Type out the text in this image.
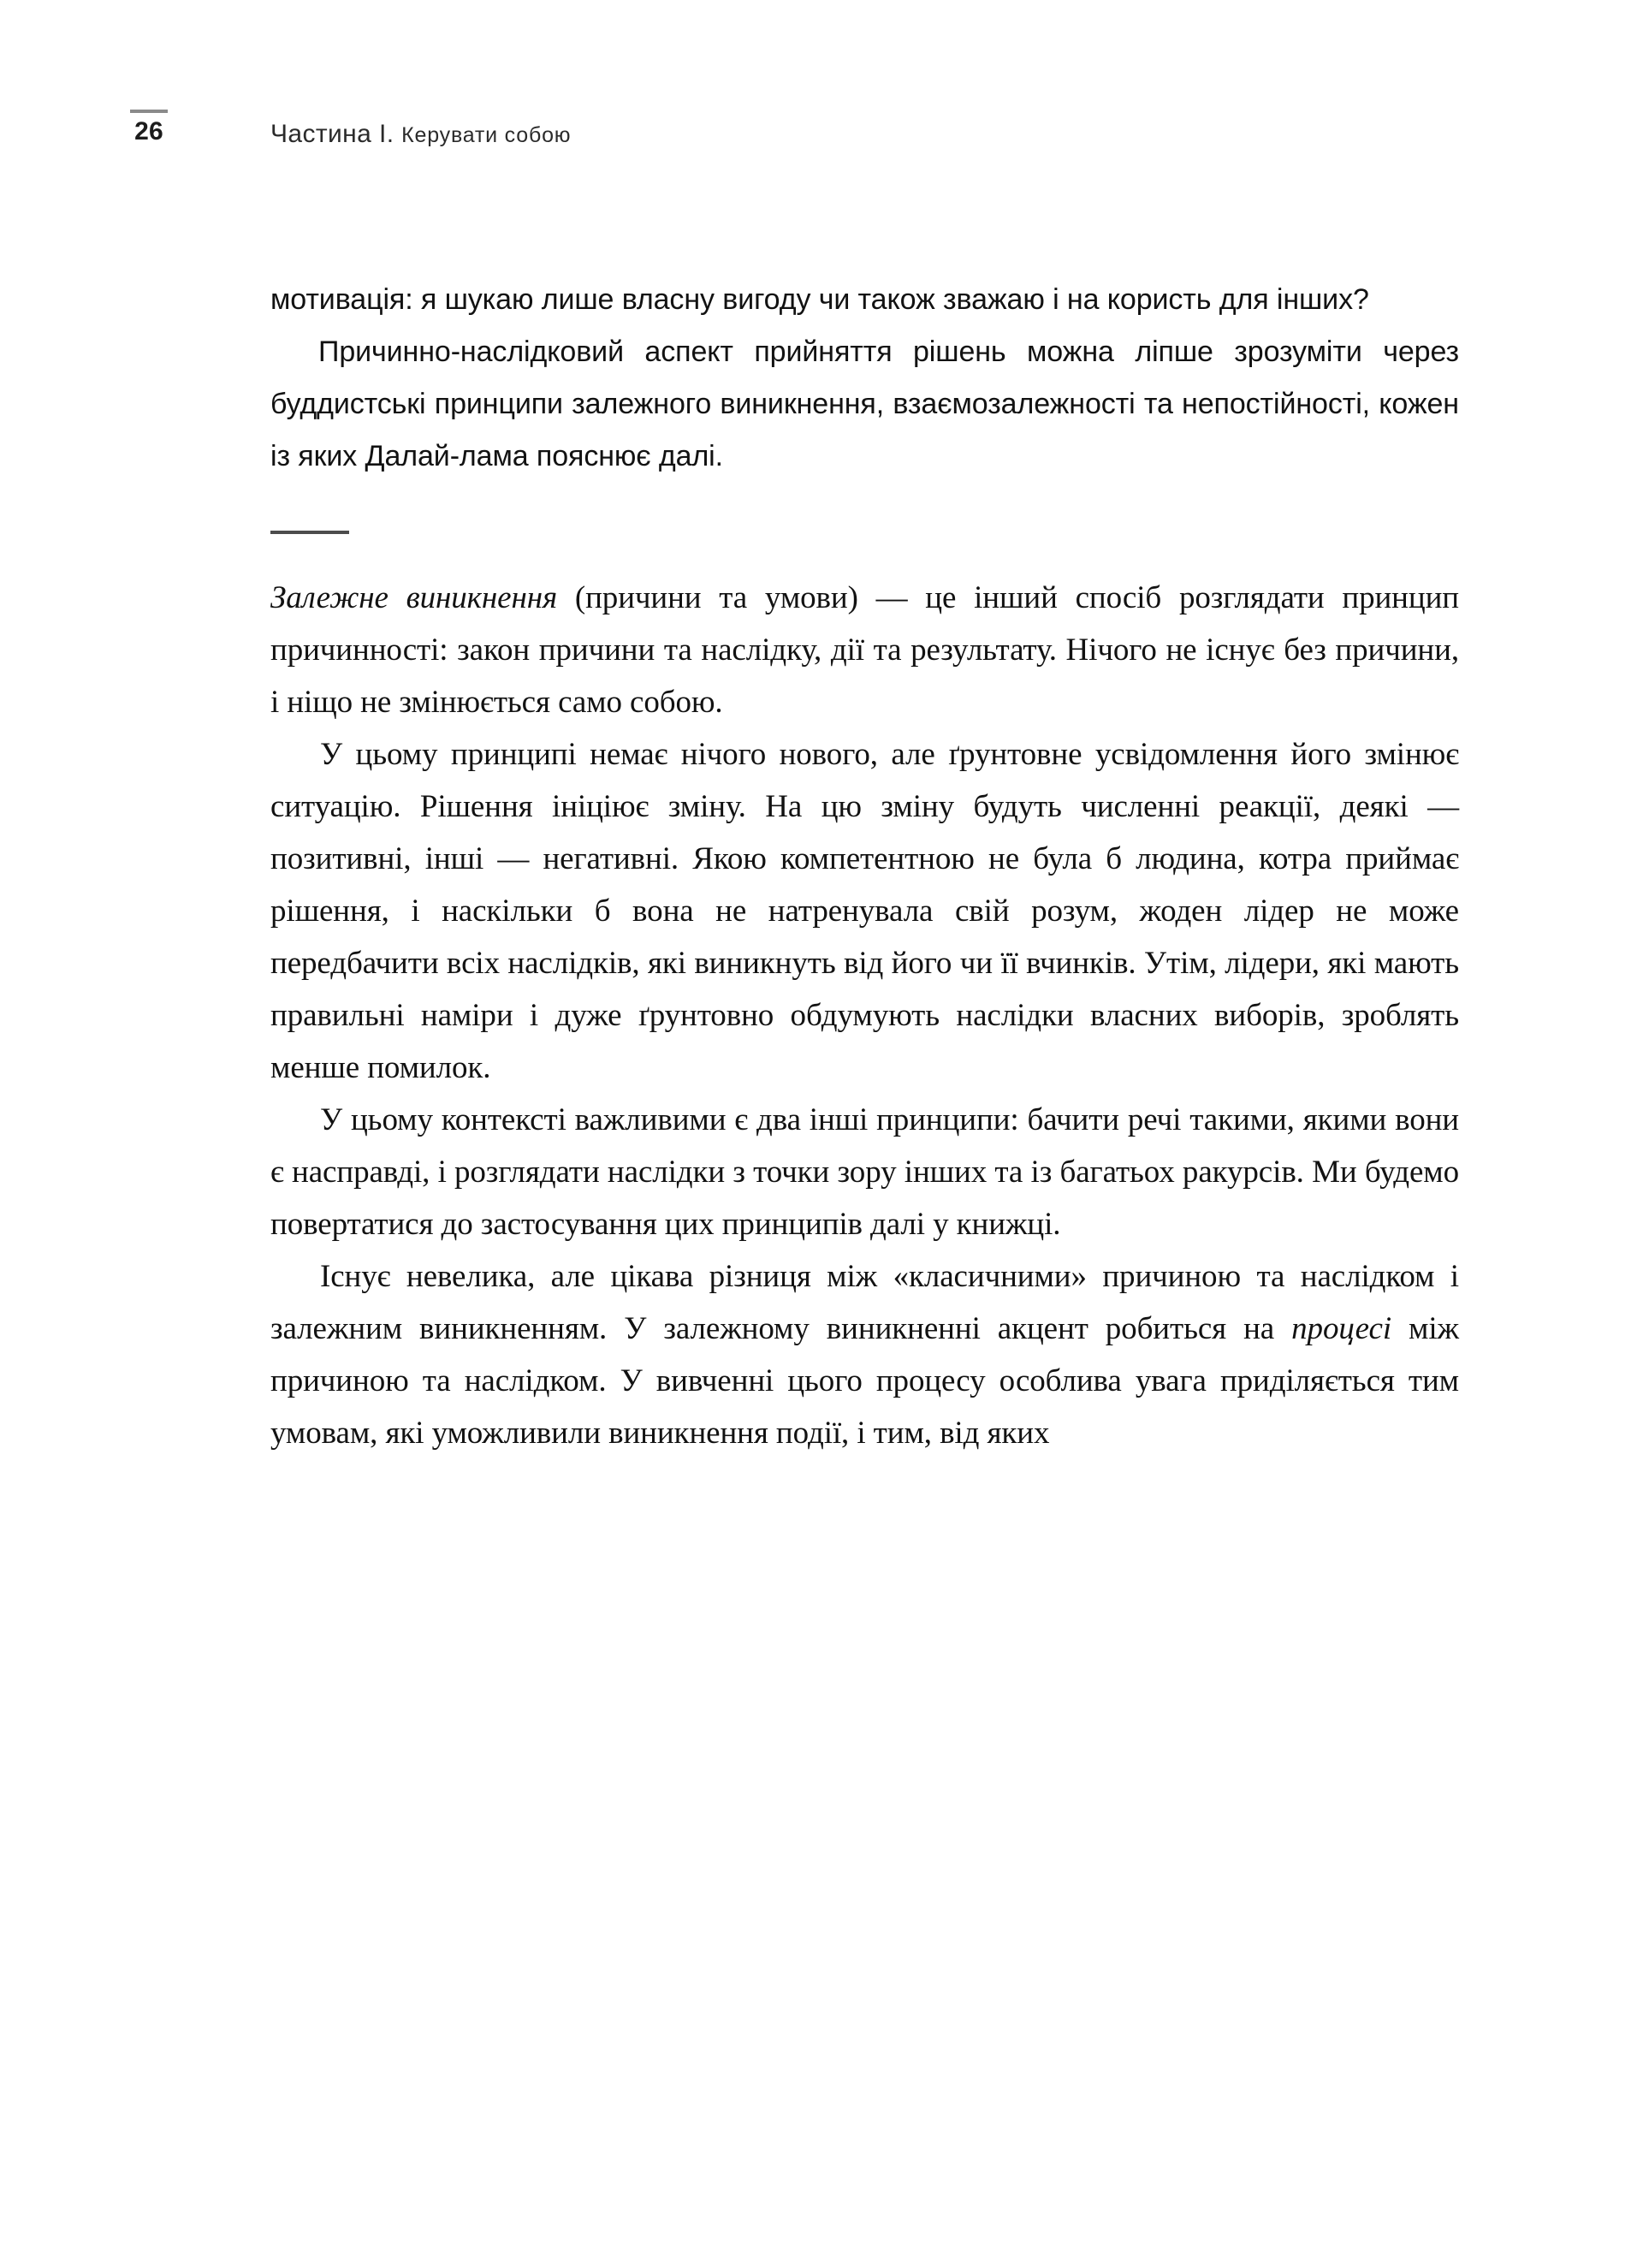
26	Частина I. Керувати собою

мотивація: я шукаю лише власну вигоду чи також зважаю і на користь для інших?

Причинно-наслідковий аспект прийняття рішень можна ліпше зрозуміти через буддистські принципи залежного виникнення, взаємозалежності та непостійності, кожен із яких Далай-лама пояснює далі.

Залежне виникнення (причини та умови) — це інший спосіб розглядати принцип причинності: закон причини та наслідку, дії та результату. Нічого не існує без причини, і ніщо не змінюється само собою.

У цьому принципі немає нічого нового, але ґрунтовне усвідомлення його змінює ситуацію. Рішення ініціює зміну. На цю зміну будуть численні реакції, деякі — позитивні, інші — негативні. Якою компетентною не була б людина, котра приймає рішення, і наскільки б вона не натренувала свій розум, жоден лідер не може передбачити всіх наслідків, які виникнуть від його чи її вчинків. Утім, лідери, які мають правильні наміри і дуже ґрунтовно обдумують наслідки власних виборів, зроблять менше помилок.

У цьому контексті важливими є два інші принципи: бачити речі такими, якими вони є насправді, і розглядати наслідки з точки зору інших та із багатьох ракурсів. Ми будемо повертатися до застосування цих принципів далі у книжці.

Існує невелика, але цікава різниця між «класичними» причиною та наслідком і залежним виникненням. У залежному виникненні акцент робиться на процесі між причиною та наслідком. У вивченні цього процесу особлива увага приділяється тим умовам, які уможливили виникнення події, і тим, від яких
